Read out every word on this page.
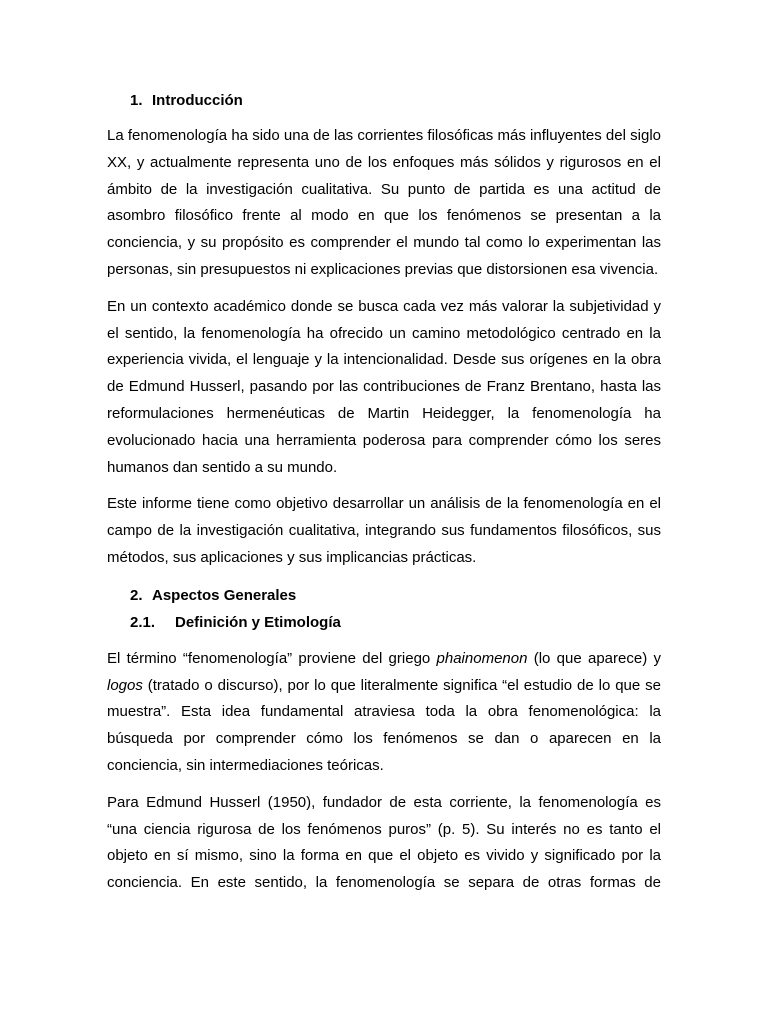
1. Introducción

La fenomenología ha sido una de las corrientes filosóficas más influyentes del siglo XX, y actualmente representa uno de los enfoques más sólidos y rigurosos en el ámbito de la investigación cualitativa. Su punto de partida es una actitud de asombro filosófico frente al modo en que los fenómenos se presentan a la conciencia, y su propósito es comprender el mundo tal como lo experimentan las personas, sin presupuestos ni explicaciones previas que distorsionen esa vivencia.

En un contexto académico donde se busca cada vez más valorar la subjetividad y el sentido, la fenomenología ha ofrecido un camino metodológico centrado en la experiencia vivida, el lenguaje y la intencionalidad. Desde sus orígenes en la obra de Edmund Husserl, pasando por las contribuciones de Franz Brentano, hasta las reformulaciones hermenéuticas de Martin Heidegger, la fenomenología ha evolucionado hacia una herramienta poderosa para comprender cómo los seres humanos dan sentido a su mundo.

Este informe tiene como objetivo desarrollar un análisis de la fenomenología en el campo de la investigación cualitativa, integrando sus fundamentos filosóficos, sus métodos, sus aplicaciones y sus implicancias prácticas.

2. Aspectos Generales
2.1.	Definición y Etimología

El término “fenomenología” proviene del griego phainomenon (lo que aparece) y logos (tratado o discurso), por lo que literalmente significa “el estudio de lo que se muestra”. Esta idea fundamental atraviesa toda la obra fenomenológica: la búsqueda por comprender cómo los fenómenos se dan o aparecen en la conciencia, sin intermediaciones teóricas.

Para Edmund Husserl (1950), fundador de esta corriente, la fenomenología es “una ciencia rigurosa de los fenómenos puros” (p. 5). Su interés no es tanto el objeto en sí mismo, sino la forma en que el objeto es vivido y significado por la conciencia. En este sentido, la fenomenología se separa de otras formas de
